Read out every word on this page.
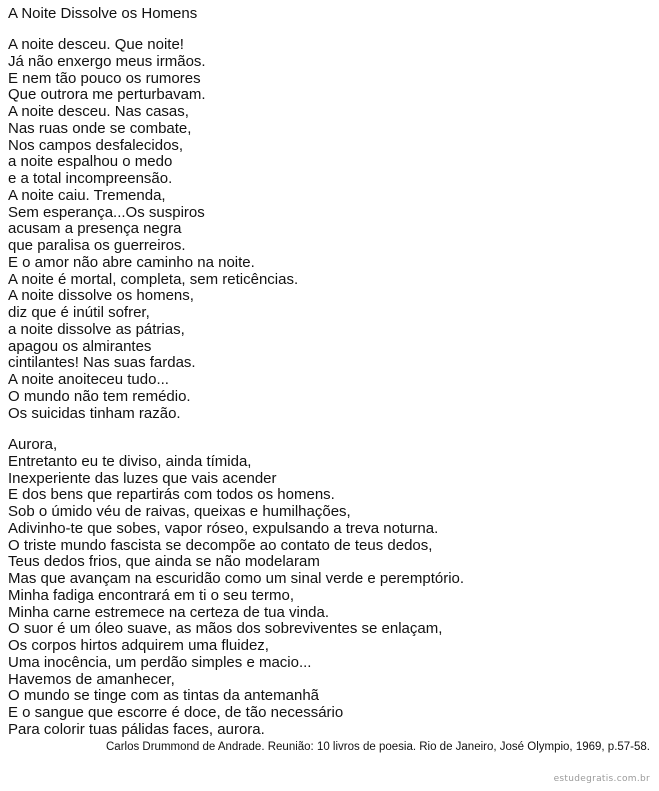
A Noite Dissolve os Homens
A noite desceu. Que noite!
Já não enxergo meus irmãos.
E nem tão pouco os rumores
Que outrora me perturbavam.
A noite desceu. Nas casas,
Nas ruas onde se combate,
Nos campos desfalecidos,
a noite espalhou o medo
e a total incompreensão.
A noite caiu. Tremenda,
Sem esperança...Os suspiros
acusam a presença negra
que paralisa os guerreiros.
E o amor não abre caminho na noite.
A noite é mortal, completa, sem reticências.
A noite dissolve os homens,
diz que é inútil sofrer,
a noite dissolve as pátrias,
apagou os almirantes
cintilantes! Nas suas fardas.
A noite anoiteceu tudo...
O mundo não tem remédio.
Os suicidas tinham razão.
Aurora,
Entretanto eu te diviso, ainda tímida,
Inexperiente das luzes que vais acender
E dos bens que repartirás com todos os homens.
Sob o úmido véu de raivas, queixas e humilhações,
Adivinho-te que sobes, vapor róseo, expulsando a treva noturna.
O triste mundo fascista se decompõe ao contato de teus dedos,
Teus dedos frios, que ainda se não modelaram
Mas que avançam na escuridão como um sinal verde e peremptório.
Minha fadiga encontrará em ti o seu termo,
Minha carne estremece na certeza de tua vinda.
O suor é um óleo suave, as mãos dos sobreviventes se enlaçam,
Os corpos hirtos adquirem uma fluidez,
Uma inocência, um perdão simples e macio...
Havemos de amanhecer,
O mundo se tinge com as tintas da antemanhã
E o sangue que escorre é doce, de tão necessário
Para colorir tuas pálidas faces, aurora.
Carlos Drummond de Andrade. Reunião: 10 livros de poesia. Rio de Janeiro, José Olympio, 1969, p.57-58.
estudegratis.com.br
